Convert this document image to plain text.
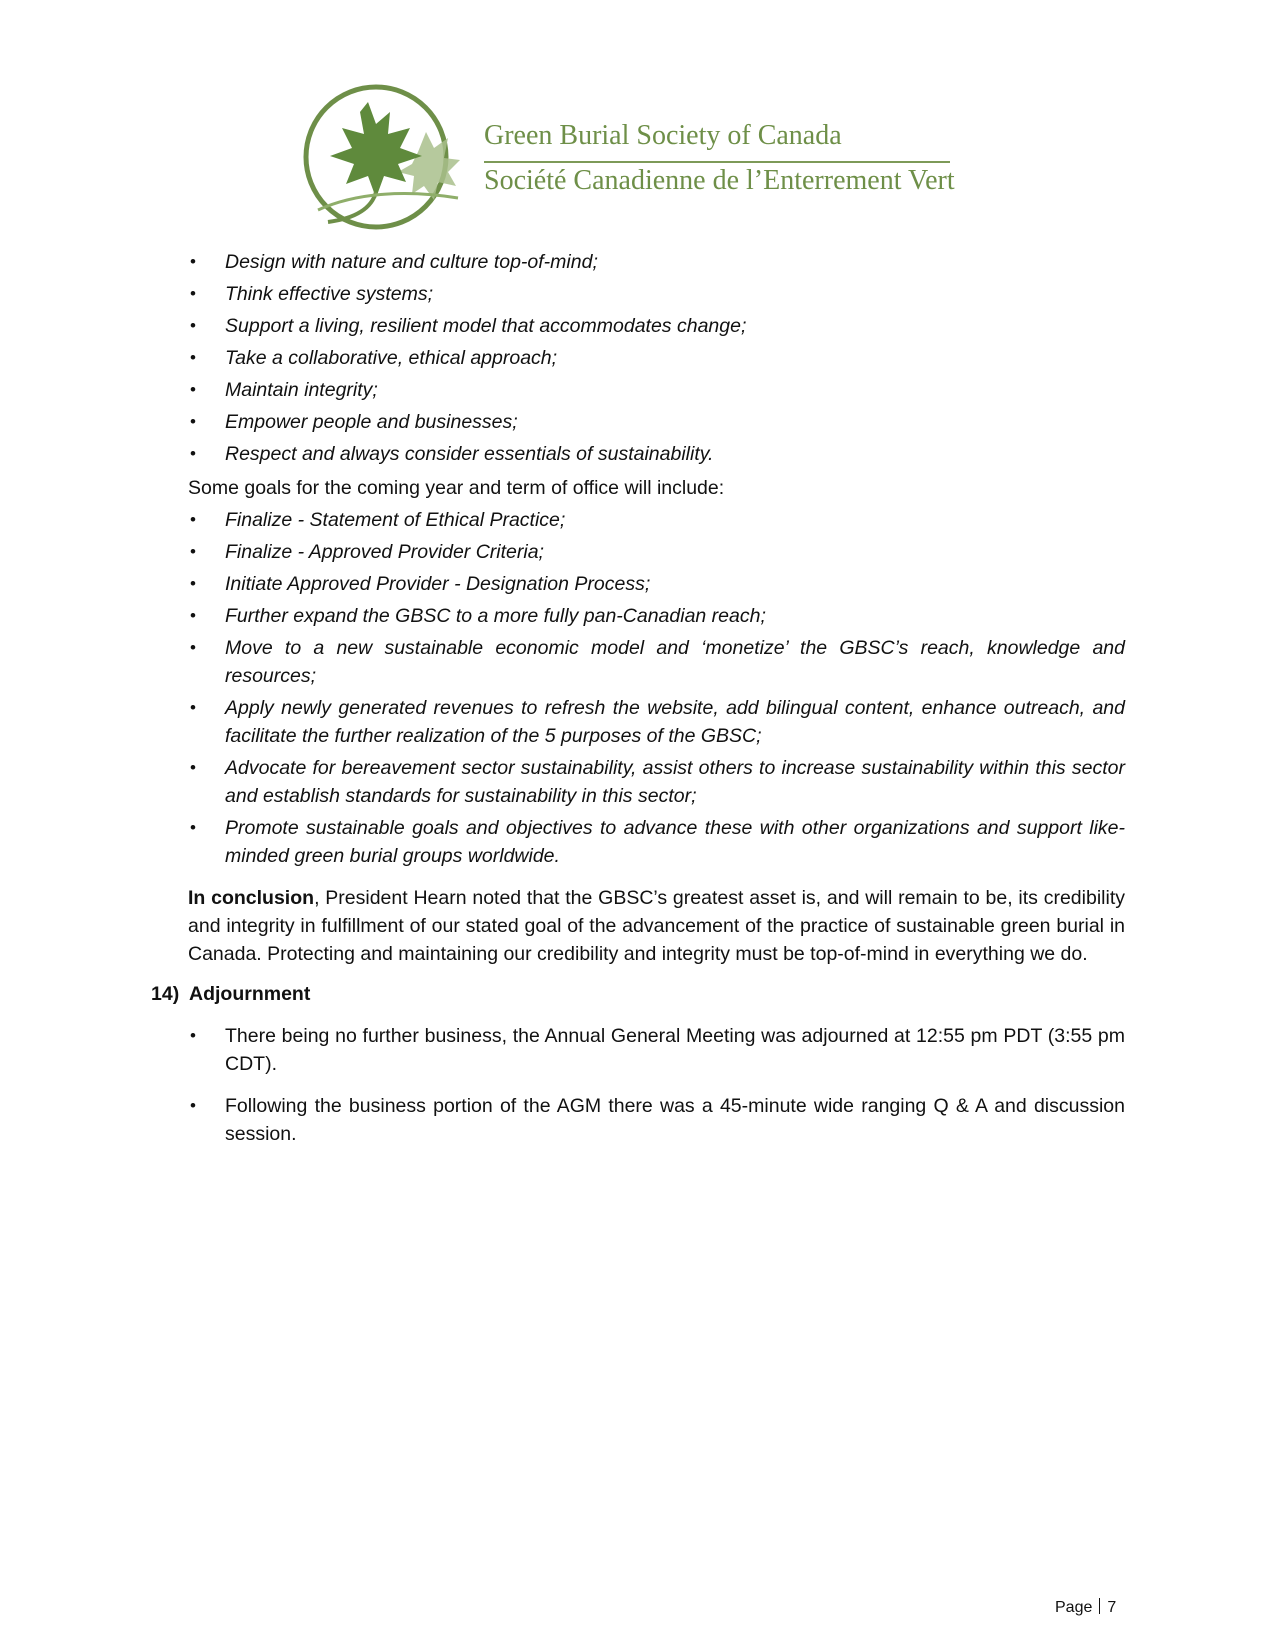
Green Burial Society of Canada
Société Canadienne de l’Enterrement Vert
• Design with nature and culture top-of-mind;
• Think effective systems;
• Support a living, resilient model that accommodates change;
• Take a collaborative, ethical approach;
• Maintain integrity;
• Empower people and businesses;
• Respect and always consider essentials of sustainability.

Some goals for the coming year and term of office will include:

• Finalize - Statement of Ethical Practice;
• Finalize - Approved Provider Criteria;
• Initiate Approved Provider - Designation Process;
• Further expand the GBSC to a more fully pan-Canadian reach;
• Move to a new sustainable economic model and ‘monetize’ the GBSC’s reach, knowledge and resources;
• Apply newly generated revenues to refresh the website, add bilingual content, enhance outreach, and facilitate the further realization of the 5 purposes of the GBSC;
• Advocate for bereavement sector sustainability, assist others to increase sustainability within this sector and establish standards for sustainability in this sector;
• Promote sustainable goals and objectives to advance these with other organizations and support like- minded green burial groups worldwide.

In conclusion, President Hearn noted that the GBSC’s greatest asset is, and will remain to be, its credibility and integrity in fulfillment of our stated goal of the advancement of the practice of sustainable green burial in Canada. Protecting and maintaining our credibility and integrity must be top-of-mind in everything we do.

14) Adjournment
• There being no further business, the Annual General Meeting was adjourned at 12:55 pm PDT (3:55 pm CDT).
• Following the business portion of the AGM there was a 45-minute wide ranging Q & A and discussion session.
Page 7
